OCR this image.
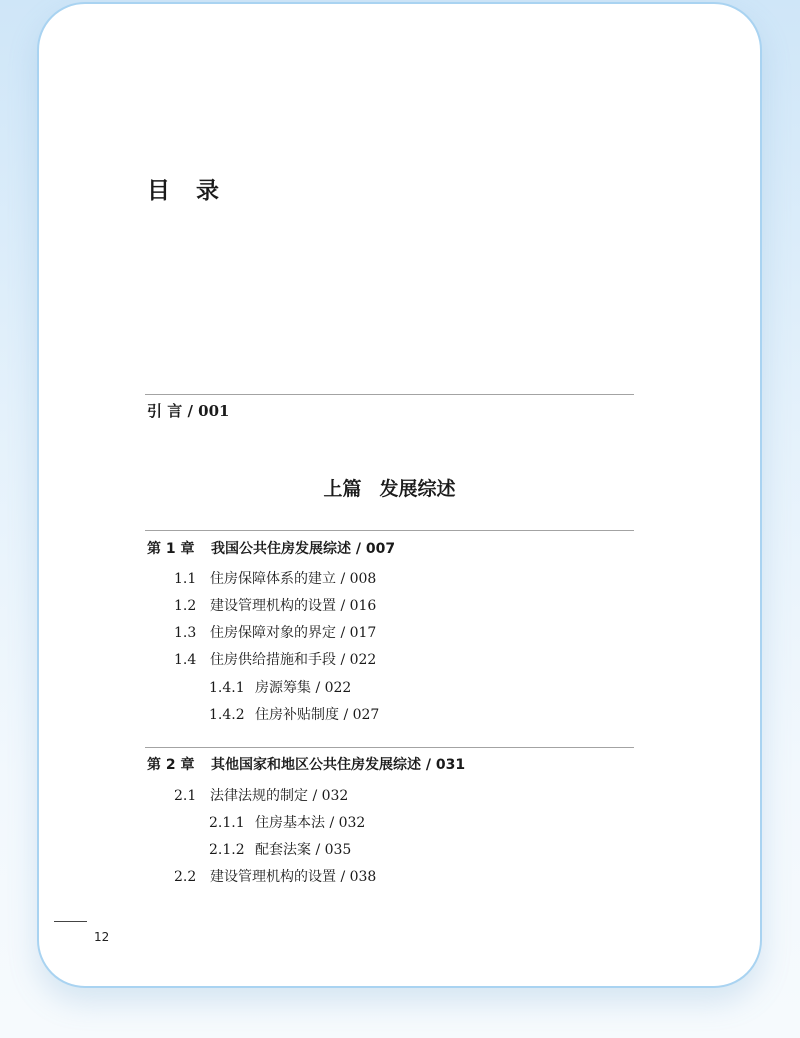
目 录
引 言 / 001
上篇 发展综述
第 1 章 我国公共住房发展综述 / 007
1.1 住房保障体系的建立 / 008
1.2 建设管理机构的设置 / 016
1.3 住房保障对象的界定 / 017
1.4 住房供给措施和手段 / 022
1.4.1 房源筹集 / 022
1.4.2 住房补贴制度 / 027
第 2 章 其他国家和地区公共住房发展综述 / 031
2.1 法律法规的制定 / 032
2.1.1 住房基本法 / 032
2.1.2 配套法案 / 035
2.2 建设管理机构的设置 / 038
12
